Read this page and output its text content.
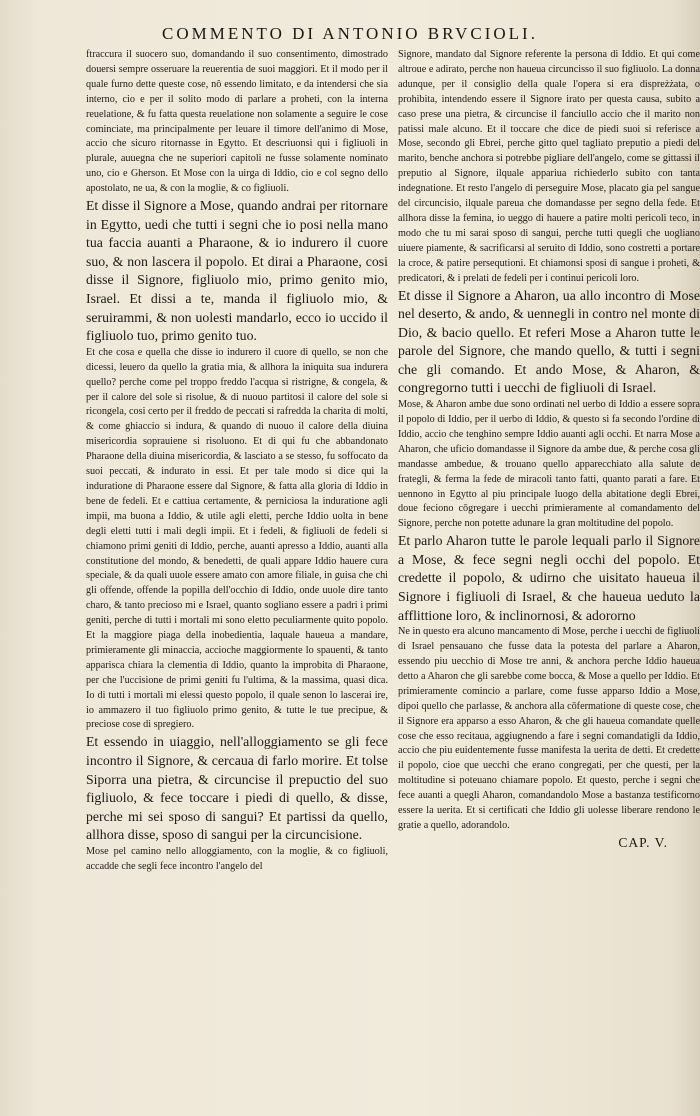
COMMENTO DI ANTONIO BRVCIOLI.

ftraccura il suocero suo, domandando il suo consentimento, dimostrado douersi sempre osseruare la reuerentia de suoi maggiori. Et il modo per il quale furno dette queste cose, nô essendo limitato, e da intendersi che sia interno, cio e per il solito modo di parlare a proheti, con la interna reuelatione, & fu fatta questa reuelatione non solamente a seguire le cose cominciate, ma principalmente per leuare il timore dell'animo di Mose, accio che sicuro ritornasse in Egytto. Et descriuonsi qui i figliuoli in plurale, auuegna che ne superiori capitoli ne fusse solamente nominato uno, cio e Gherson. Et Mose con la uirga di Iddio, cio e col segno dello apostolato, ne ua, & con la moglie, & co figliuoli.

Et disse il Signore a Mose, quando andrai per ritornare in Egytto, uedi che tutti i segni che io posi nella mano tua faccia auanti a Pharaone, & io indurero il cuore suo, & non lascera il popolo. Et dirai a Pharaone, cosi disse il Signore, figliuolo mio, primo genito mio, Israel. Et dissi a te, manda il figliuolo mio, & seruirammi, & non uolesti mandarlo, ecco io uccido il figliuolo tuo, primo genito tuo.

Et che cosa e quella che disse io indurero il cuore di quello, se non che dicessi, leuero da quello la gratia mia, & allhora la iniquita sua indurera quello? perche come pel troppo freddo l'acqua si ristrigne, & congela, & per il calore del sole si risolue, & di nuouo partitosi il calore del sole si ricongela, cosi certo per il freddo de peccati si rafredda la charita di molti, & come ghiaccio si indura, & quando di nuouo il calore della diuina misericordia soprauiene si risoluono. Et di qui fu che abbandonato Pharaone della diuina misericordia, & lasciato a se stesso, fu soffocato da suoi peccati, & indurato in essi. Et per tale modo si dice qui la induratione di Pharaone essere dal Signore, & fatta alla gloria di Iddio in bene de fedeli. Et e cattiua certamente, & perniciosa la induratione agli impii, ma buona a Iddio, & utile agli eletti, perche Iddio uolta in bene degli eletti tutti i mali degli impii. Et i fedeli, & figliuoli de fedeli si chiamono primi geniti di Iddio, perche, auanti apresso a Iddio, auanti alla constitutione del mondo, & benedetti, de quali appare Iddio hauere cura speciale, & da quali uuole essere amato con amore filiale, in guisa che chi gli offende, offende la popilla dell'occhio di Iddio, onde uuole dire tanto charo, & tanto precioso mi e Israel, quanto sogliano essere a padri i primi geniti, perche di tutti i mortali mi sono eletto peculiarmente quito popolo. Et la maggiore piaga della inobedientia, laquale haueua a mandare, primieramente gli minaccia, accioche maggiormente lo spauenti, & tanto apparisca chiara la clementia di Iddio, quanto la improbita di Pharaone, per che l'uccisione de primi geniti fu l'ultima, & la massima, quasi dica. Io di tutti i mortali mi elessi questo popolo, il quale senon lo lascerai ire, io ammazero il tuo figliuolo primo genito, & tutte le tue precipue, & preciose cose di spregiero.

Et essendo in uiaggio, nell'alloggiamento se gli fece incontro il Signore, & cercaua di farlo morire. Et tolse Siporra una pietra, & circuncise il prepuctio del suo figliuolo, & fece toccare i piedi di quello, & disse, perche mi sei sposo di sangui? Et partissi da quello, allhora disse, sposo di sangui per la circuncisione.

Mose pel camino nello alloggiamento, con la moglie, & co figliuoli, accadde che segli fece incontro l'angelo del

Signore, mandato dal Signore referente la persona di Iddio. Et qui come altroue e adirato, perche non haueua circuncisso il suo figliuolo. La donna adunque, per il consiglio della quale l'opera si era dispreżżata, o prohibita, intendendo essere il Signore irato per questa causa, subito a caso prese una pietra, & circuncise il fanciullo accio che il marito non patissi male alcuno. Et il toccare che dice de piedi suoi si referisce a Mose, secondo gli Ebrei, perche gitto quel tagliato preputio a piedi del marito, benche anchora si potrebbe pigliare dell'angelo, come se gittassi il preputio al Signore, ilquale appariua richiederlo subito con tanta indegnatione. Et resto l'angelo di perseguire Mose, placato gia pel sangue del circuncisio, ilquale pareua che domandasse per segno della fede. Et allhora disse la femina, io ueggo di hauere a patire molti pericoli teco, in modo che tu mi sarai sposo di sangui, perche tutti quegli che uogliano uiuere piamente, & sacrificarsi al seruito di Iddio, sono costretti a portare la croce, & patire persequtioni. Et chiamonsi sposi di sangue i proheti, & predicatori, & i prelati de fedeli per i continui pericoli loro.

Et disse il Signore a Aharon, ua allo incontro di Mose nel deserto, & ando, & uennegli in contro nel monte di Dio, & bacio quello. Et referi Mose a Aharon tutte le parole del Signore, che mando quello, & tutti i segni che gli comando. Et ando Mose, & Aharon, & congregorno tutti i uecchi de figliuoli di Israel.

Mose, & Aharon ambe due sono ordinati nel uerbo di Iddio a essere sopra il popolo di Iddio, per il uerbo di Iddio, & questo si fa secondo l'ordine di Iddio, accio che tenghino sempre Iddio auanti agli occhi. Et narra Mose a Aharon, che uficio domandasse il Signore da ambe due, & perche cosa gli mandasse ambedue, & trouano quello apparecchiato alla salute de frategli, & ferma la fede de miracoli tanto fatti, quanto parati a fare. Et uennono in Egytto al piu principale luogo della abitatione degli Ebrei, doue feciono cōgregare i uecchi primieramente al comandamento del Signore, perche non potette adunare la gran moltitudine del popolo.

Et parlo Aharon tutte le parole lequali parlo il Signore a Mose, & fece segni negli occhi del popolo. Et credette il popolo, & udirno che uisitato haueua il Signore i figliuoli di Israel, & che haueua ueduto la afflittione loro, & inclinornosi, & adororno

Ne in questo era alcuno mancamento di Mose, perche i uecchi de figliuoli di Israel pensauano che fusse data la potesta del parlare a Aharon, essendo piu uecchio di Mose tre anni, & anchora perche Iddio haueua detto a Aharon che gli sarebbe come bocca, & Mose a quello per Iddio. Et primieramente comincio a parlare, come fusse apparso Iddio a Mose, dipoi quello che parlasse, & anchora alla cōfermatione di queste cose, che il Signore era apparso a esso Aharon, & che gli haueua comandate quelle cose che esso recitaua, aggiugnendo a fare i segni comandatigli da Iddio, accio che piu euidentemente fusse manifesta la uerita de detti. Et credette il popolo, cioe que uecchi che erano congregati, per che questi, per la moltitudine si poteuano chiamare popolo. Et questo, perche i segni che fece auanti a quegli Aharon, comandandolo Mose a bastanza testificorno essere la uerita. Et si certificati che Iddio gli uolesse liberare rendono le gratie a quello, adorandolo.

CAP. V.
